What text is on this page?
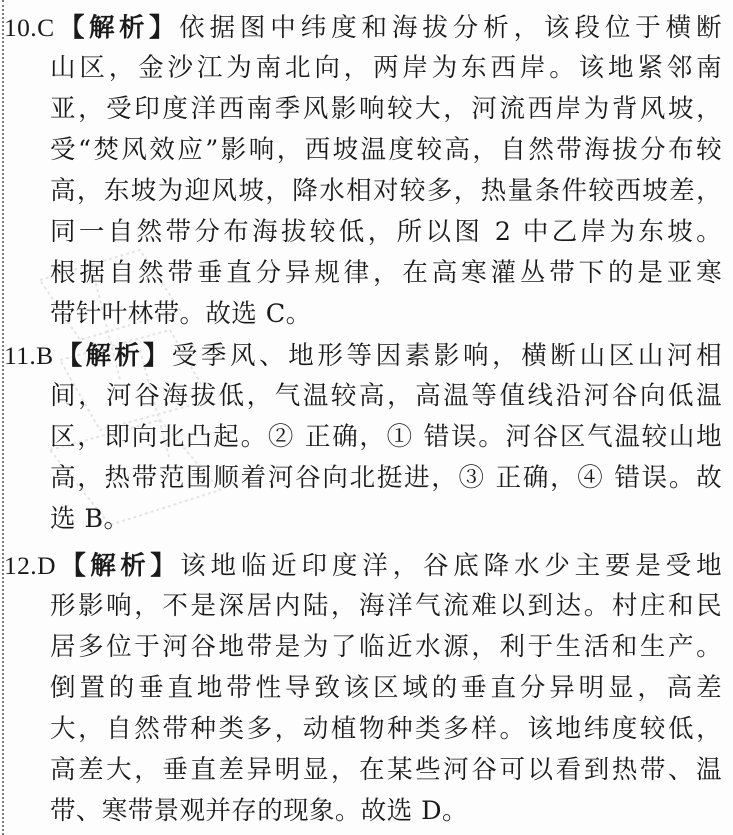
10.C【解析】依据图中纬度和海拔分析，该段位于横断
山区，金沙江为南北向，两岸为东西岸。该地紧邻南
亚，受印度洋西南季风影响较大，河流西岸为背风坡，
受“焚风效应”影响，西坡温度较高，自然带海拔分布较
高，东坡为迎风坡，降水相对较多，热量条件较西坡差，
同一自然带分布海拔较低，所以图 2 中乙岸为东坡。
根据自然带垂直分异规律，在高寒灌丛带下的是亚寒
带针叶林带。故选 C。
11.B【解析】受季风、地形等因素影响，横断山区山河相
间，河谷海拔低，气温较高，高温等值线沿河谷向低温
区，即向北凸起。② 正确，① 错误。河谷区气温较山地
高，热带范围顺着河谷向北挺进，③ 正确，④ 错误。故
选 B。
12.D【解析】该地临近印度洋，谷底降水少主要是受地
形影响，不是深居内陆，海洋气流难以到达。村庄和民
居多位于河谷地带是为了临近水源，利于生活和生产。
倒置的垂直地带性导致该区域的垂直分异明显，高差
大，自然带种类多，动植物种类多样。该地纬度较低，
高差大，垂直差异明显，在某些河谷可以看到热带、温
带、寒带景观并存的现象。故选 D。
